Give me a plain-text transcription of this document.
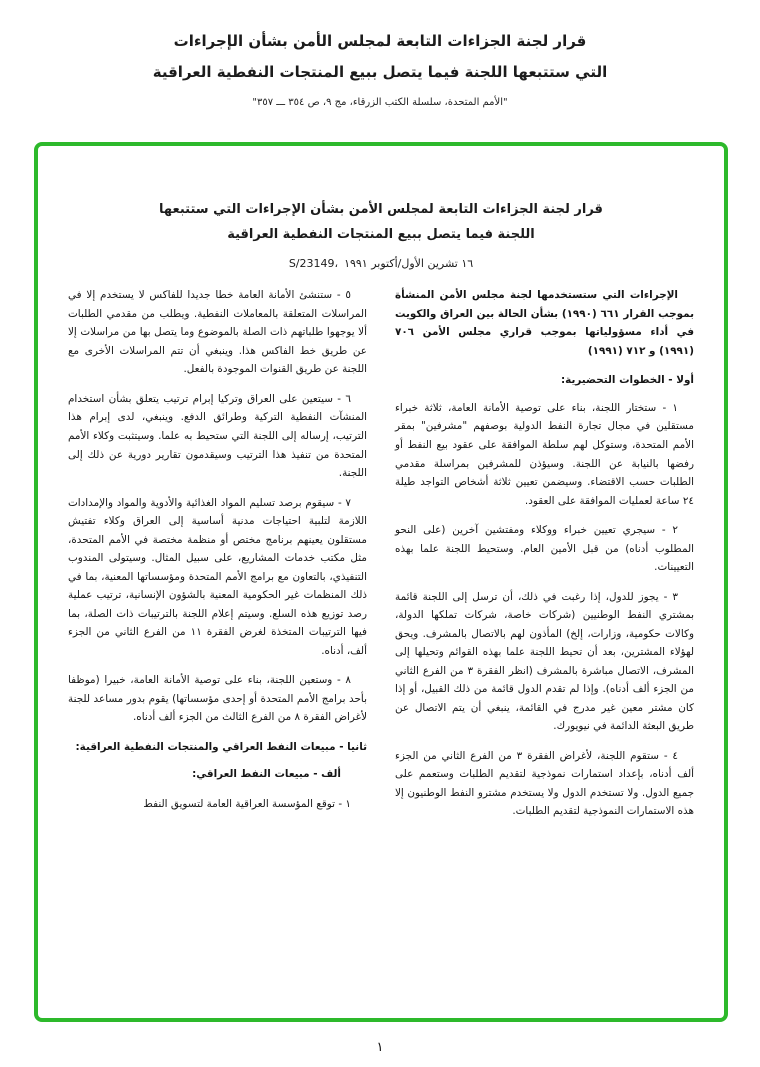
قرار لجنة الجزاءات التابعة لمجلس الأمن بشأن الإجراءات
التي ستتبعها اللجنة فيما يتصل ببيع المنتجات النفطية العراقية
"الأمم المتحدة، سلسلة الكتب الزرقاء، مج ٩، ص ٣٥٤ ـــ ٣٥٧"
قرار لجنة الجزاءات التابعة لمجلس الأمن بشأن الإجراءات التي ستتبعها
اللجنة فيما يتصل ببيع المنتجات النفطية العراقية
S/23149، ١٦ تشرين الأول/أكتوبر ١٩٩١

الإجراءات التي ستستخدمها لجنة مجلس الأمن المنشأة بموجب القرار ٦٦١ (١٩٩٠) بشأن الحالة بين العراق والكويت في أداء مسؤولياتها بموجب قراري مجلس الأمن ٧٠٦ (١٩٩١) و ٧١٢ (١٩٩١)

أولا - الخطوات التحضيرية:

١ - ستختار اللجنة، بناء على توصية الأمانة العامة، ثلاثة خبراء مستقلين في مجال تجارة النفط الدولية بوصفهم "مشرفين" بمقر الأمم المتحدة، وستوكل لهم سلطة الموافقة على عقود بيع النفط أو رفضها بالنيابة عن اللجنة. وسيؤذن للمشرفين بمراسلة مقدمي الطلبات حسب الاقتضاء. وسيضمن تعيين ثلاثة أشخاص التواجد طيلة ٢٤ ساعة لعمليات الموافقة على العقود.

٢ - سيجري تعيين خبراء ووكلاء ومفتشين آخرين (على النحو المطلوب أدناه) من قبل الأمين العام. وستحيط اللجنة علما بهذه التعيينات.

٣ - يجوز للدول، إذا رغبت في ذلك، أن ترسل إلى اللجنة قائمة بمشتري النفط الوطنيين (شركات خاصة، شركات تملكها الدولة، وكالات حكومية، وزارات، إلخ) المأذون لهم بالاتصال بالمشرف. ويحق لهؤلاء المشترين، بعد أن تحيط اللجنة علما بهذه القوائم وتحيلها إلى المشرف، الاتصال مباشرة بالمشرف (انظر الفقرة ٣ من الفرع الثاني من الجزء ألف أدناه). وإذا لم تقدم الدول قائمة من ذلك القبيل، أو إذا كان مشتر معين غير مدرج في القائمة، ينبغي أن يتم الاتصال عن طريق البعثة الدائمة في نيويورك.

٤ - ستقوم اللجنة، لأغراض الفقرة ٣ من الفرع الثاني من الجزء ألف أدناه، بإعداد استمارات نموذجية لتقديم الطلبات وستعمم على جميع الدول. ولا تستخدم الدول ولا يستخدم مشترو النفط الوطنيون إلا هذه الاستمارات النموذجية لتقديم الطلبات.

٥ - ستنشئ الأمانة العامة خطا جديدا للفاكس لا يستخدم إلا في المراسلات المتعلقة بالمعاملات النفطية. ويطلب من مقدمي الطلبات ألا يوجهوا طلباتهم ذات الصلة بالموضوع وما يتصل بها من مراسلات إلا عن طريق خط الفاكس هذا. وينبغي أن تتم المراسلات الأخرى مع اللجنة عن طريق القنوات الموجودة بالفعل.

٦ - سيتعين على العراق وتركيا إبرام ترتيب يتعلق بشأن استخدام المنشآت النفطية التركية وطرائق الدفع. وينبغي، لدى إبرام هذا الترتيب، إرساله إلى اللجنة التي ستحيط به علما. وسيتثبت وكلاء الأمم المتحدة من تنفيذ هذا الترتيب وسيقدمون تقارير دورية عن ذلك إلى اللجنة.

٧ - سيقوم برصد تسليم المواد الغذائية والأدوية والمواد والإمدادات اللازمة لتلبية احتياجات مدنية أساسية إلى العراق وكلاء تفتيش مستقلون يعينهم برنامج مختص أو منظمة مختصة في الأمم المتحدة، مثل مكتب خدمات المشاريع، على سبيل المثال. وسيتولى المندوب التنفيذي، بالتعاون مع برامج الأمم المتحدة ومؤسساتها المعنية، بما في ذلك المنظمات غير الحكومية المعنية بالشؤون الإنسانية، ترتيب عملية رصد توزيع هذه السلع. وسيتم إعلام اللجنة بالترتيبات ذات الصلة، بما فيها الترتيبات المتخذة لغرض الفقرة ١١ من الفرع الثاني من الجزء ألف، أدناه.

٨ - وستعين اللجنة، بناء على توصية الأمانة العامة، خبيرا (موظفا بأحد برامج الأمم المتحدة أو إحدى مؤسساتها) يقوم بدور مساعد للجنة لأغراض الفقرة ٨ من الفرع الثالث من الجزء ألف أدناه.

ثانيا - مبيعات النفط العراقي والمنتجات النفطية العراقية:

ألف - مبيعات النفط العراقي:

١ - توقع المؤسسة العراقية العامة لتسويق النفط

١
